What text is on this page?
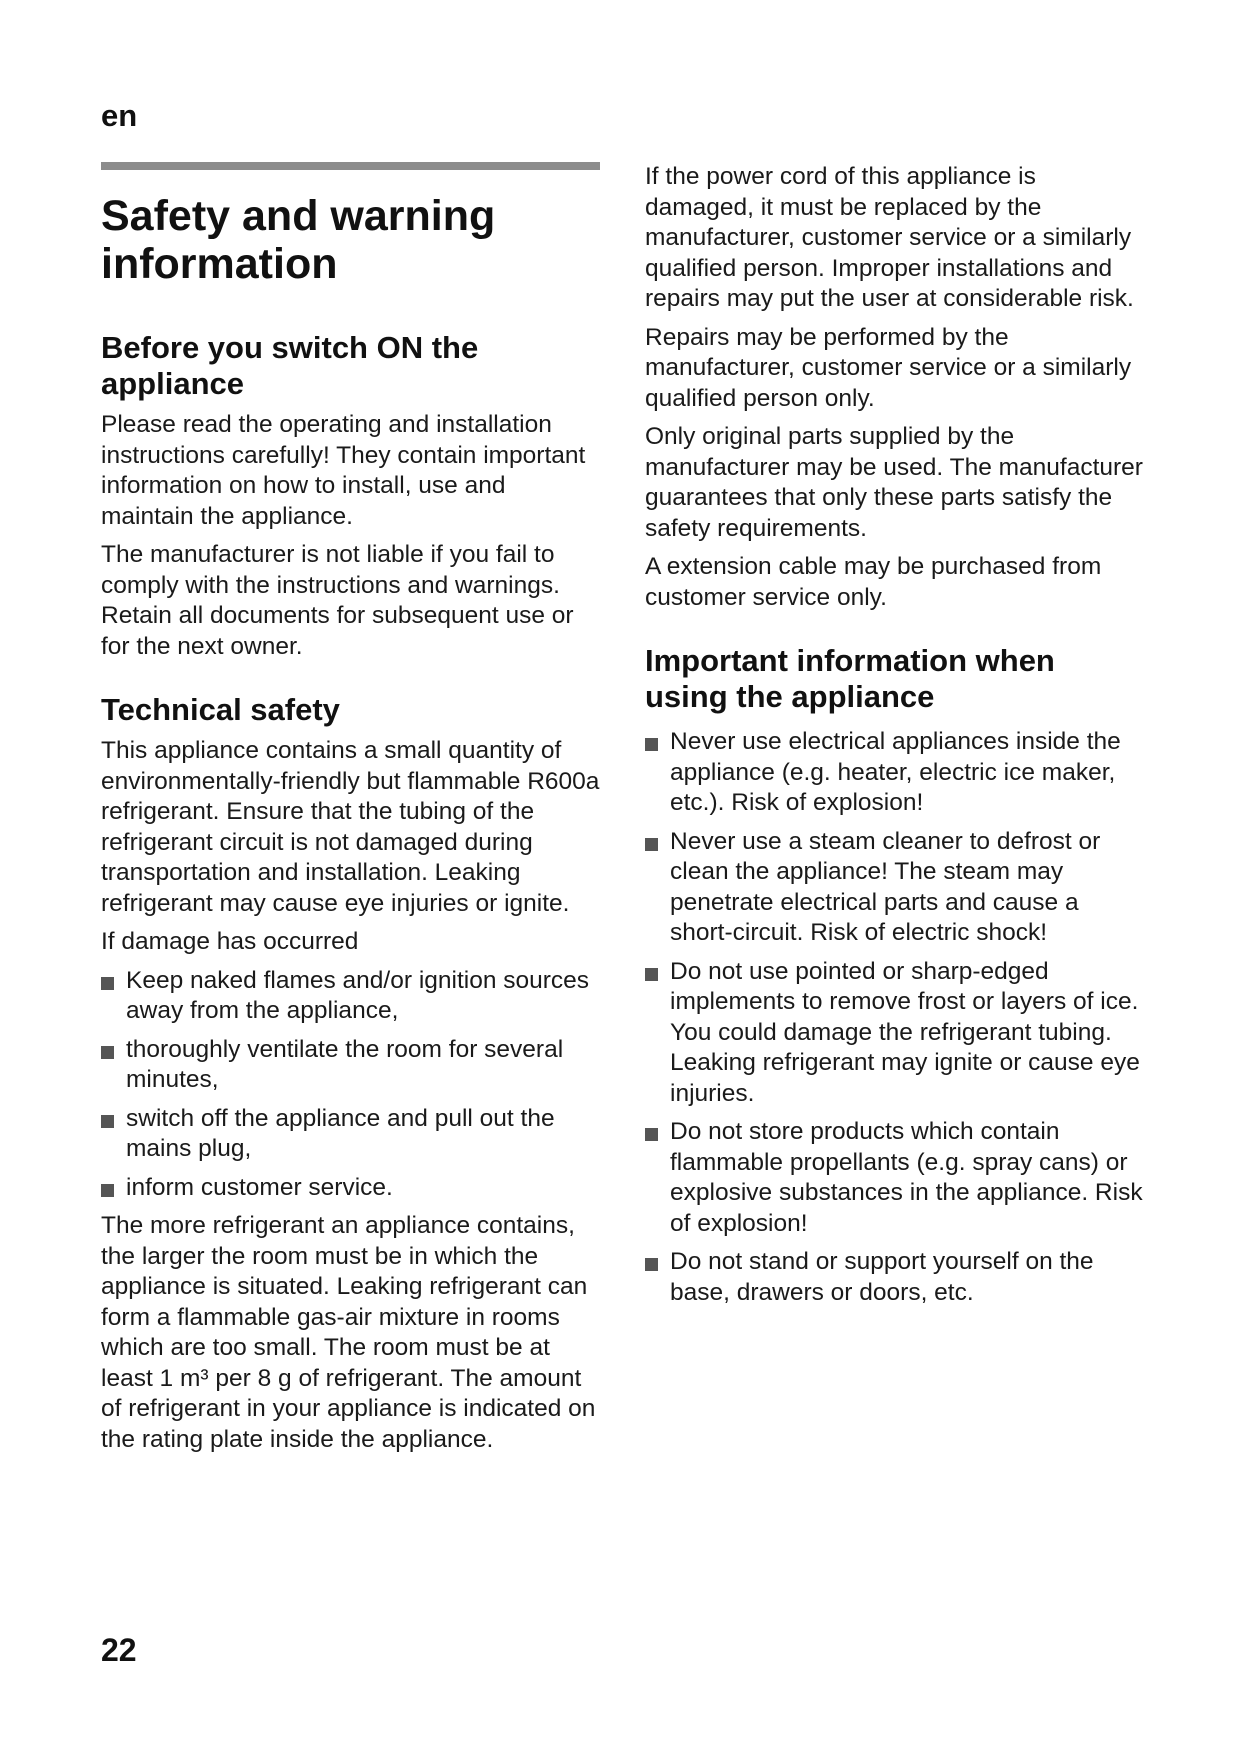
en
Safety and warning information
Before you switch ON the appliance

Please read the operating and installation instructions carefully! They contain important information on how to install, use and maintain the appliance.

The manufacturer is not liable if you fail to comply with the instructions and warnings. Retain all documents for subsequent use or for the next owner.

Technical safety

This appliance contains a small quantity of environmentally-friendly but flammable R600a refrigerant. Ensure that the tubing of the refrigerant circuit is not damaged during transportation and installation. Leaking refrigerant may cause eye injuries or ignite.

If damage has occurred

Keep naked flames and/or ignition sources away from the appliance,
thoroughly ventilate the room for several minutes,
switch off the appliance and pull out the mains plug,
inform customer service.

The more refrigerant an appliance contains, the larger the room must be in which the appliance is situated. Leaking refrigerant can form a flammable gas-air mixture in rooms which are too small. The room must be at least 1 m³ per 8 g of refrigerant. The amount of refrigerant in your appliance is indicated on the rating plate inside the appliance.

If the power cord of this appliance is damaged, it must be replaced by the manufacturer, customer service or a similarly qualified person. Improper installations and repairs may put the user at considerable risk.

Repairs may be performed by the manufacturer, customer service or a similarly qualified person only.

Only original parts supplied by the manufacturer may be used. The manufacturer guarantees that only these parts satisfy the safety requirements.

A extension cable may be purchased from customer service only.

Important information when using the appliance
Never use electrical appliances inside the appliance (e.g. heater, electric ice maker, etc.). Risk of explosion!
Never use a steam cleaner to defrost or clean the appliance! The steam may penetrate electrical parts and cause a short-circuit. Risk of electric shock!
Do not use pointed or sharp-edged implements to remove frost or layers of ice. You could damage the refrigerant tubing. Leaking refrigerant may ignite or cause eye injuries.
Do not store products which contain flammable propellants (e.g. spray cans) or explosive substances in the appliance. Risk of explosion!
Do not stand or support yourself on the base, drawers or doors, etc.
22
